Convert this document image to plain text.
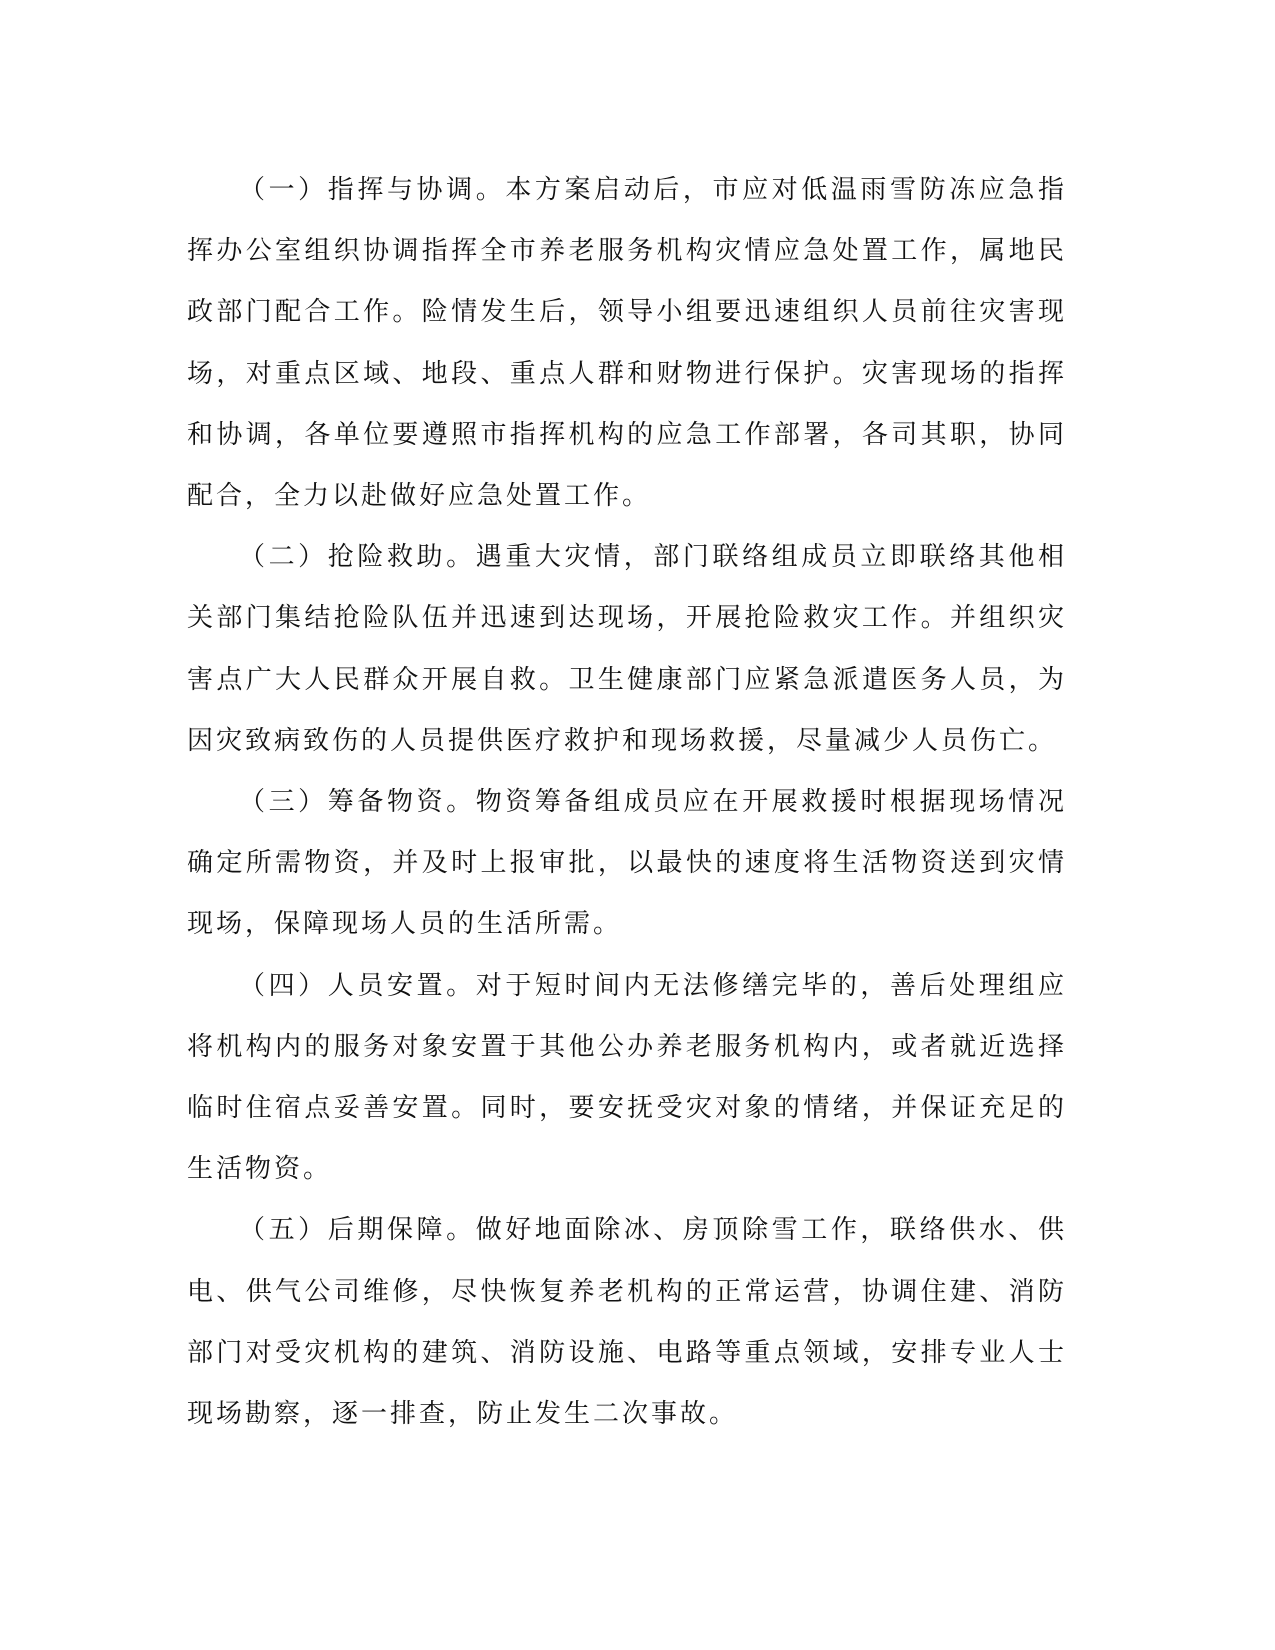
（一）指挥与协调。本方案启动后，市应对低温雨雪防冻应急指挥办公室组织协调指挥全市养老服务机构灾情应急处置工作，属地民政部门配合工作。险情发生后，领导小组要迅速组织人员前往灾害现场，对重点区域、地段、重点人群和财物进行保护。灾害现场的指挥和协调，各单位要遵照市指挥机构的应急工作部署，各司其职，协同配合，全力以赴做好应急处置工作。

（二）抢险救助。遇重大灾情，部门联络组成员立即联络其他相关部门集结抢险队伍并迅速到达现场，开展抢险救灾工作。并组织灾害点广大人民群众开展自救。卫生健康部门应紧急派遣医务人员，为因灾致病致伤的人员提供医疗救护和现场救援，尽量减少人员伤亡。

（三）筹备物资。物资筹备组成员应在开展救援时根据现场情况确定所需物资，并及时上报审批，以最快的速度将生活物资送到灾情现场，保障现场人员的生活所需。

（四）人员安置。对于短时间内无法修缮完毕的，善后处理组应将机构内的服务对象安置于其他公办养老服务机构内，或者就近选择临时住宿点妥善安置。同时，要安抚受灾对象的情绪，并保证充足的生活物资。

（五）后期保障。做好地面除冰、房顶除雪工作，联络供水、供电、供气公司维修，尽快恢复养老机构的正常运营，协调住建、消防部门对受灾机构的建筑、消防设施、电路等重点领域，安排专业人士现场勘察，逐一排查，防止发生二次事故。
